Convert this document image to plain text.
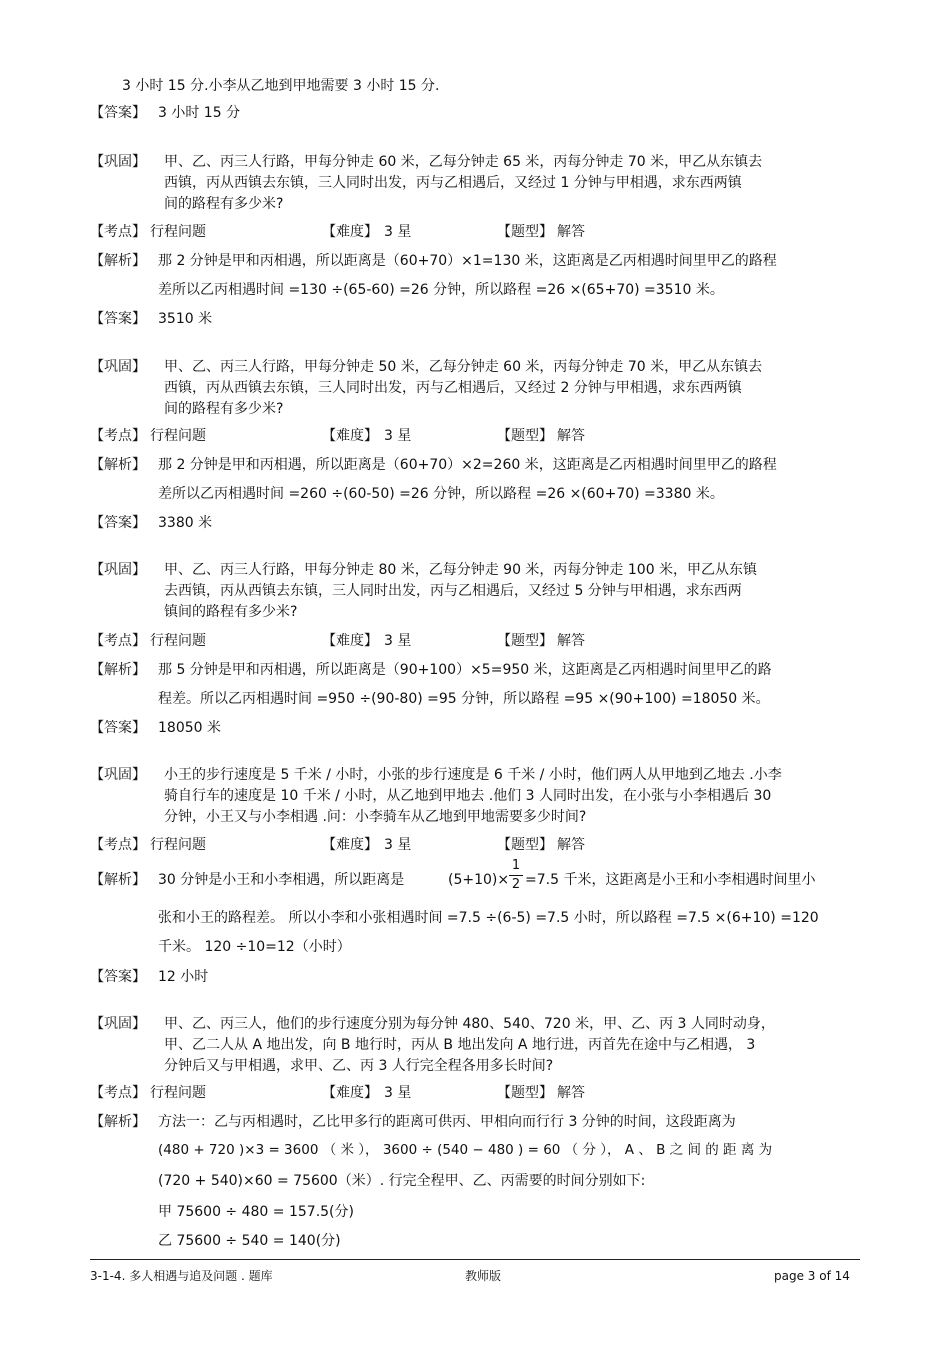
3 小时 15 分.小李从乙地到甲地需要 3 小时 15 分.
【答案】 3 小时 15 分
【巩固】 甲、乙、丙三人行路，甲每分钟走 60 米，乙每分钟走 65 米，丙每分钟走 70 米，甲乙从东镇去
西镇，丙从西镇去东镇，三人同时出发，丙与乙相遇后，又经过 1 分钟与甲相遇，求东西两镇
间的路程有多少米?
【考点】 行程问题	【难度】 3 星	【题型】 解答
【解析】 那 2 分钟是甲和丙相遇，所以距离是（60+70）×1=130 米，这距离是乙丙相遇时间里甲乙的路程
差所以乙丙相遇时间 =130 ÷(65-60) =26 分钟，所以路程 =26 ×(65+70) =3510 米。
【答案】 3510 米
【巩固】 甲、乙、丙三人行路，甲每分钟走 50 米，乙每分钟走 60 米，丙每分钟走 70 米，甲乙从东镇去
西镇，丙从西镇去东镇，三人同时出发，丙与乙相遇后，又经过 2 分钟与甲相遇，求东西两镇
间的路程有多少米?
【考点】 行程问题	【难度】 3 星	【题型】 解答
【解析】 那 2 分钟是甲和丙相遇，所以距离是（60+70）×2=260 米，这距离是乙丙相遇时间里甲乙的路程
差所以乙丙相遇时间 =260 ÷(60-50) =26 分钟，所以路程 =26 ×(60+70) =3380 米。
【答案】 3380 米
【巩固】 甲、乙、丙三人行路，甲每分钟走 80 米，乙每分钟走 90 米，丙每分钟走 100 米，甲乙从东镇
去西镇，丙从西镇去东镇，三人同时出发，丙与乙相遇后，又经过 5 分钟与甲相遇，求东西两
镇间的路程有多少米?
【考点】 行程问题	【难度】 3 星	【题型】 解答
【解析】 那 5 分钟是甲和丙相遇，所以距离是（90+100）×5=950 米，这距离是乙丙相遇时间里甲乙的路
程差。所以乙丙相遇时间 =950 ÷(90-80) =95 分钟，所以路程 =95 ×(90+100) =18050 米。
【答案】 18050 米
【巩固】 小王的步行速度是 5 千米 / 小时，小张的步行速度是 6 千米 / 小时，他们两人从甲地到乙地去 .小李
骑自行车的速度是 10 千米 / 小时，从乙地到甲地去 .他们 3 人同时出发，在小张与小李相遇后 30
分钟，小王又与小李相遇 .问：小李骑车从乙地到甲地需要多少时间?
【考点】 行程问题	【难度】 3 星	【题型】 解答
【解析】 30 分钟是小王和小李相遇，所以距离是	(5+10)×
1
2 =7.5 千米，这距离是小王和小李相遇时间里小
张和小王的路程差。 所以小李和小张相遇时间 =7.5 ÷(6-5) =7.5 小时，所以路程 =7.5 ×(6+10) =120
千米。 120 ÷10=12（小时）
【答案】 12 小时
【巩固】 甲、乙、丙三人，他们的步行速度分别为每分钟 480、540、720 米，甲、乙、丙 3 人同时动身，
甲、乙二人从 A 地出发，向 B 地行时，丙从 B 地出发向 A 地行进，丙首先在途中与乙相遇， 3
分钟后又与甲相遇，求甲、乙、丙 3 人行完全程各用多长时间?
【考点】 行程问题	【难度】 3 星	【题型】 解答
【解析】 方法一：乙与丙相遇时，乙比甲多行的距离可供丙、甲相向而行行 3 分钟的时间，这段距离为
(480 + 720 )×3 = 3600 （ 米 ）， 3600 ÷ (540 − 480 ) = 60 （ 分 ）， A 、 B 之 间 的 距 离 为
(720 + 540)×60 = 75600（米）. 行完全程甲、乙、丙需要的时间分别如下:
甲 75600 ÷ 480 = 157.5(分)
乙 75600 ÷ 540 = 140(分)
3-1-4. 多人相遇与追及问题 . 题库	教师版	page 3 of 14
